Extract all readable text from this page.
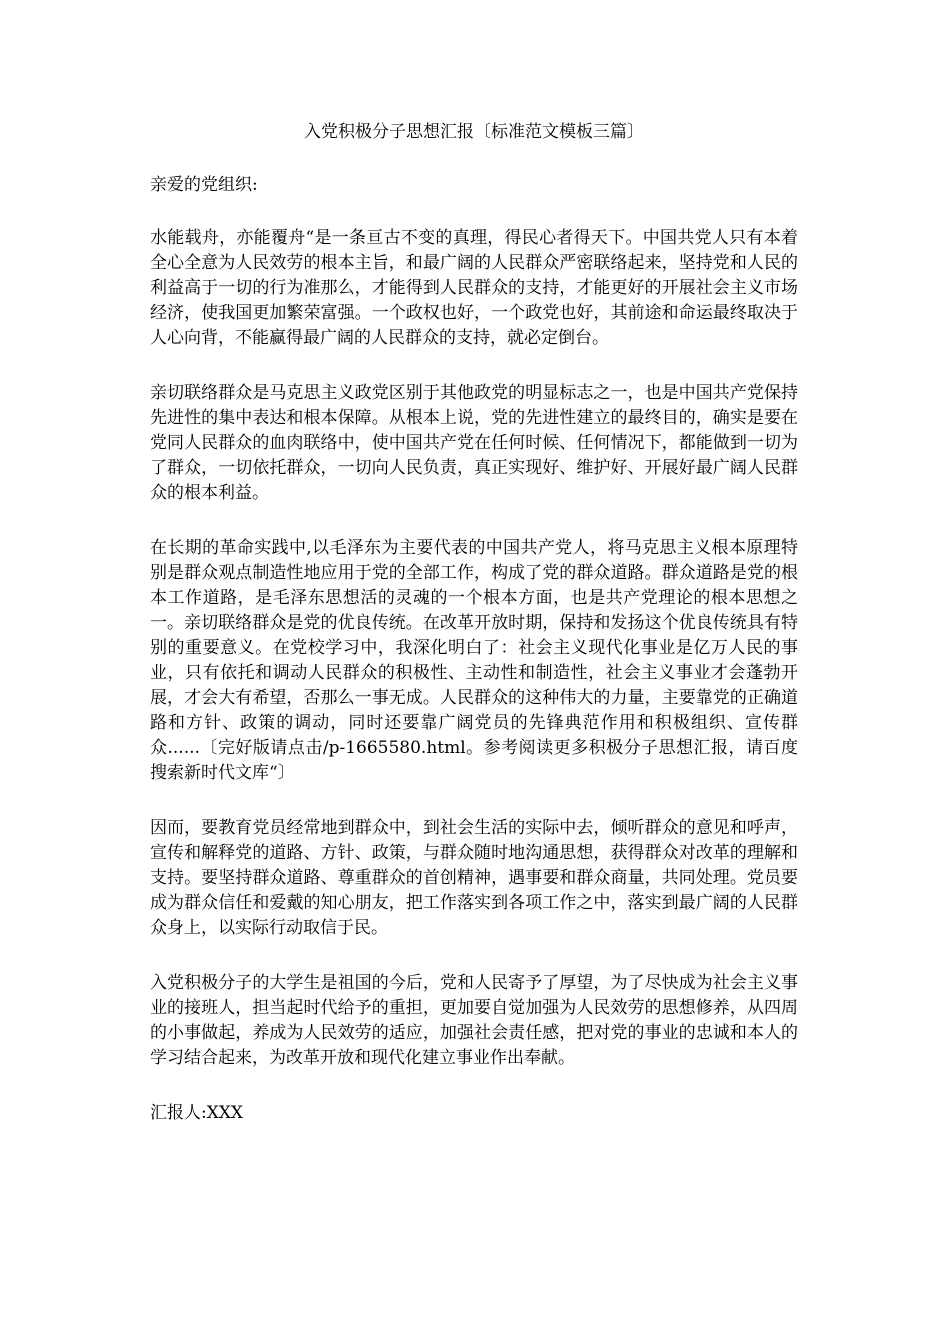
入党积极分子思想汇报〔标准范文模板三篇〕
亲爱的党组织:
水能载舟，亦能覆舟“是一条亘古不变的真理，得民心者得天下。中国共党人只有本着全心全意为人民效劳的根本主旨，和最广阔的人民群众严密联络起来，坚持党和人民的利益高于一切的行为准那么，才能得到人民群众的支持，才能更好的开展社会主义市场经济，使我国更加繁荣富强。一个政权也好，一个政党也好，其前途和命运最终取决于人心向背，不能赢得最广阔的人民群众的支持，就必定倒台。
亲切联络群众是马克思主义政党区别于其他政党的明显标志之一，也是中国共产党保持先进性的集中表达和根本保障。从根本上说，党的先进性建立的最终目的，确实是要在党同人民群众的血肉联络中，使中国共产党在任何时候、任何情况下，都能做到一切为了群众，一切依托群众，一切向人民负责，真正实现好、维护好、开展好最广阔人民群众的根本利益。
在长期的革命实践中,以毛泽东为主要代表的中国共产党人，将马克思主义根本原理特别是群众观点制造性地应用于党的全部工作，构成了党的群众道路。群众道路是党的根本工作道路，是毛泽东思想活的灵魂的一个根本方面，也是共产党理论的根本思想之一。亲切联络群众是党的优良传统。在改革开放时期，保持和发扬这个优良传统具有特别的重要意义。在党校学习中，我深化明白了：社会主义现代化事业是亿万人民的事业，只有依托和调动人民群众的积极性、主动性和制造性，社会主义事业才会蓬勃开展，才会大有希望，否那么一事无成。人民群众的这种伟大的力量，主要靠党的正确道路和方针、政策的调动，同时还要靠广阔党员的先锋典范作用和积极组织、宣传群众......〔完好版请点击/p-1665580.html。参考阅读更多积极分子思想汇报，请百度搜索新时代文库“〕
因而，要教育党员经常地到群众中，到社会生活的实际中去，倾听群众的意见和呼声，宣传和解释党的道路、方针、政策，与群众随时地沟通思想，获得群众对改革的理解和支持。要坚持群众道路、尊重群众的首创精神，遇事要和群众商量，共同处理。党员要成为群众信任和爱戴的知心朋友，把工作落实到各项工作之中，落实到最广阔的人民群众身上，以实际行动取信于民。
入党积极分子的大学生是祖国的今后，党和人民寄予了厚望，为了尽快成为社会主义事业的接班人，担当起时代给予的重担，更加要自觉加强为人民效劳的思想修养，从四周的小事做起，养成为人民效劳的适应，加强社会责任感，把对党的事业的忠诚和本人的学习结合起来，为改革开放和现代化建立事业作出奉献。
汇报人:XXX
